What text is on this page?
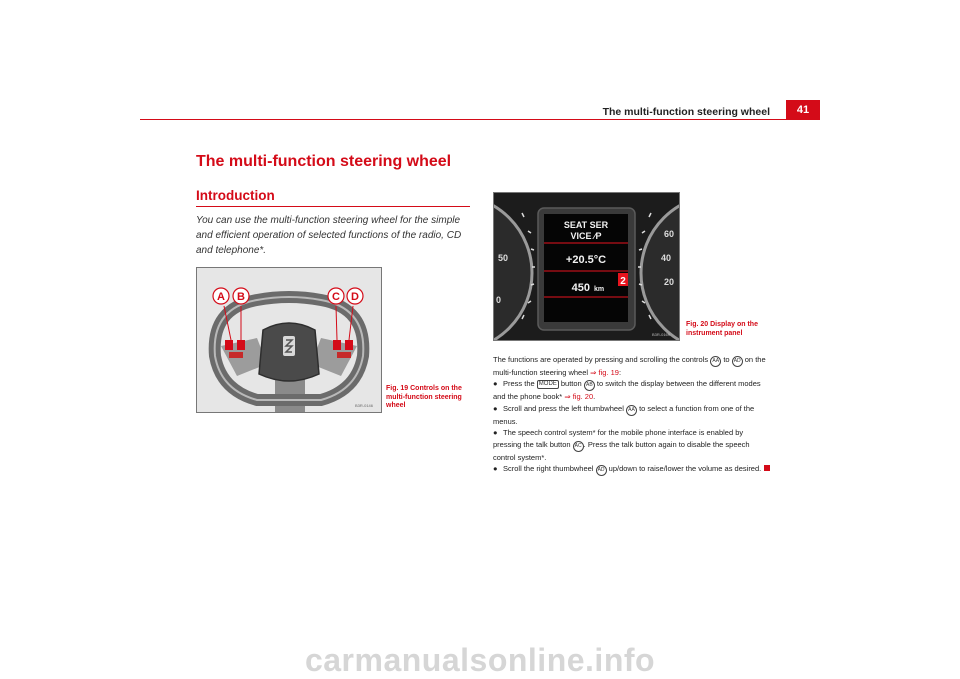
The multi-function steering wheel	41
The multi-function steering wheel
Introduction
You can use the multi-function steering wheel for the simple and efficient operation of selected functions of the radio, CD and telephone*.
A B	C D
B3R-0146
Fig. 19 Controls on the multi-function steering wheel
50
0
60
40
20
SEAT SER
VICE ∕P
+20.5°C
450 km
2
B3R-0169
Fig. 20 Display on the instrument panel

The functions are operated by pressing and scrolling the controls AA to AD on the multi-function steering wheel ⇒ fig. 19:

● Press the MODE button AB to switch the display between the different modes and the phone book* ⇒ fig. 20.

● Scroll and press the left thumbwheel AA to select a function from one of the menus.

● The speech control system* for the mobile phone interface is enabled by pressing the talk button AC . Press the talk button again to disable the speech control system*.

● Scroll the right thumbwheel AD up/down to raise/lower the volume as desired.

carmanualsonline.info
